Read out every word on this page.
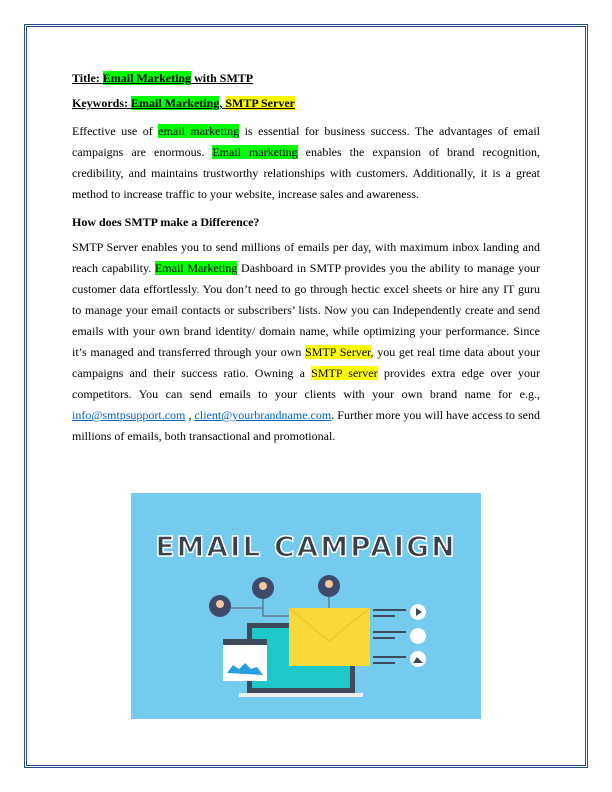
Title: Email Marketing with SMTP
Keywords: Email Marketing, SMTP Server

Effective use of email marketing is essential for business success. The advantages of email campaigns are enormous. Email marketing enables the expansion of brand recognition, credibility, and maintains trustworthy relationships with customers. Additionally, it is a great method to increase traffic to your website, increase sales and awareness.

How does SMTP make a Difference?

SMTP Server enables you to send millions of emails per day, with maximum inbox landing and reach capability. Email Marketing Dashboard in SMTP provides you the ability to manage your customer data effortlessly. You don’t need to go through hectic excel sheets or hire any IT guru to manage your email contacts or subscribers’ lists. Now you can Independently create and send emails with your own brand identity/ domain name, while optimizing your performance. Since it’s managed and transferred through your own SMTP Server, you get real time data about your campaigns and their success ratio. Owning a SMTP server provides extra edge over your competitors. You can send emails to your clients with your own brand name for e.g., info@smtpsupport.com , client@yourbrandname.com. Further more you will have access to send millions of emails, both transactional and promotional.

EMAIL CAMPAIGN
